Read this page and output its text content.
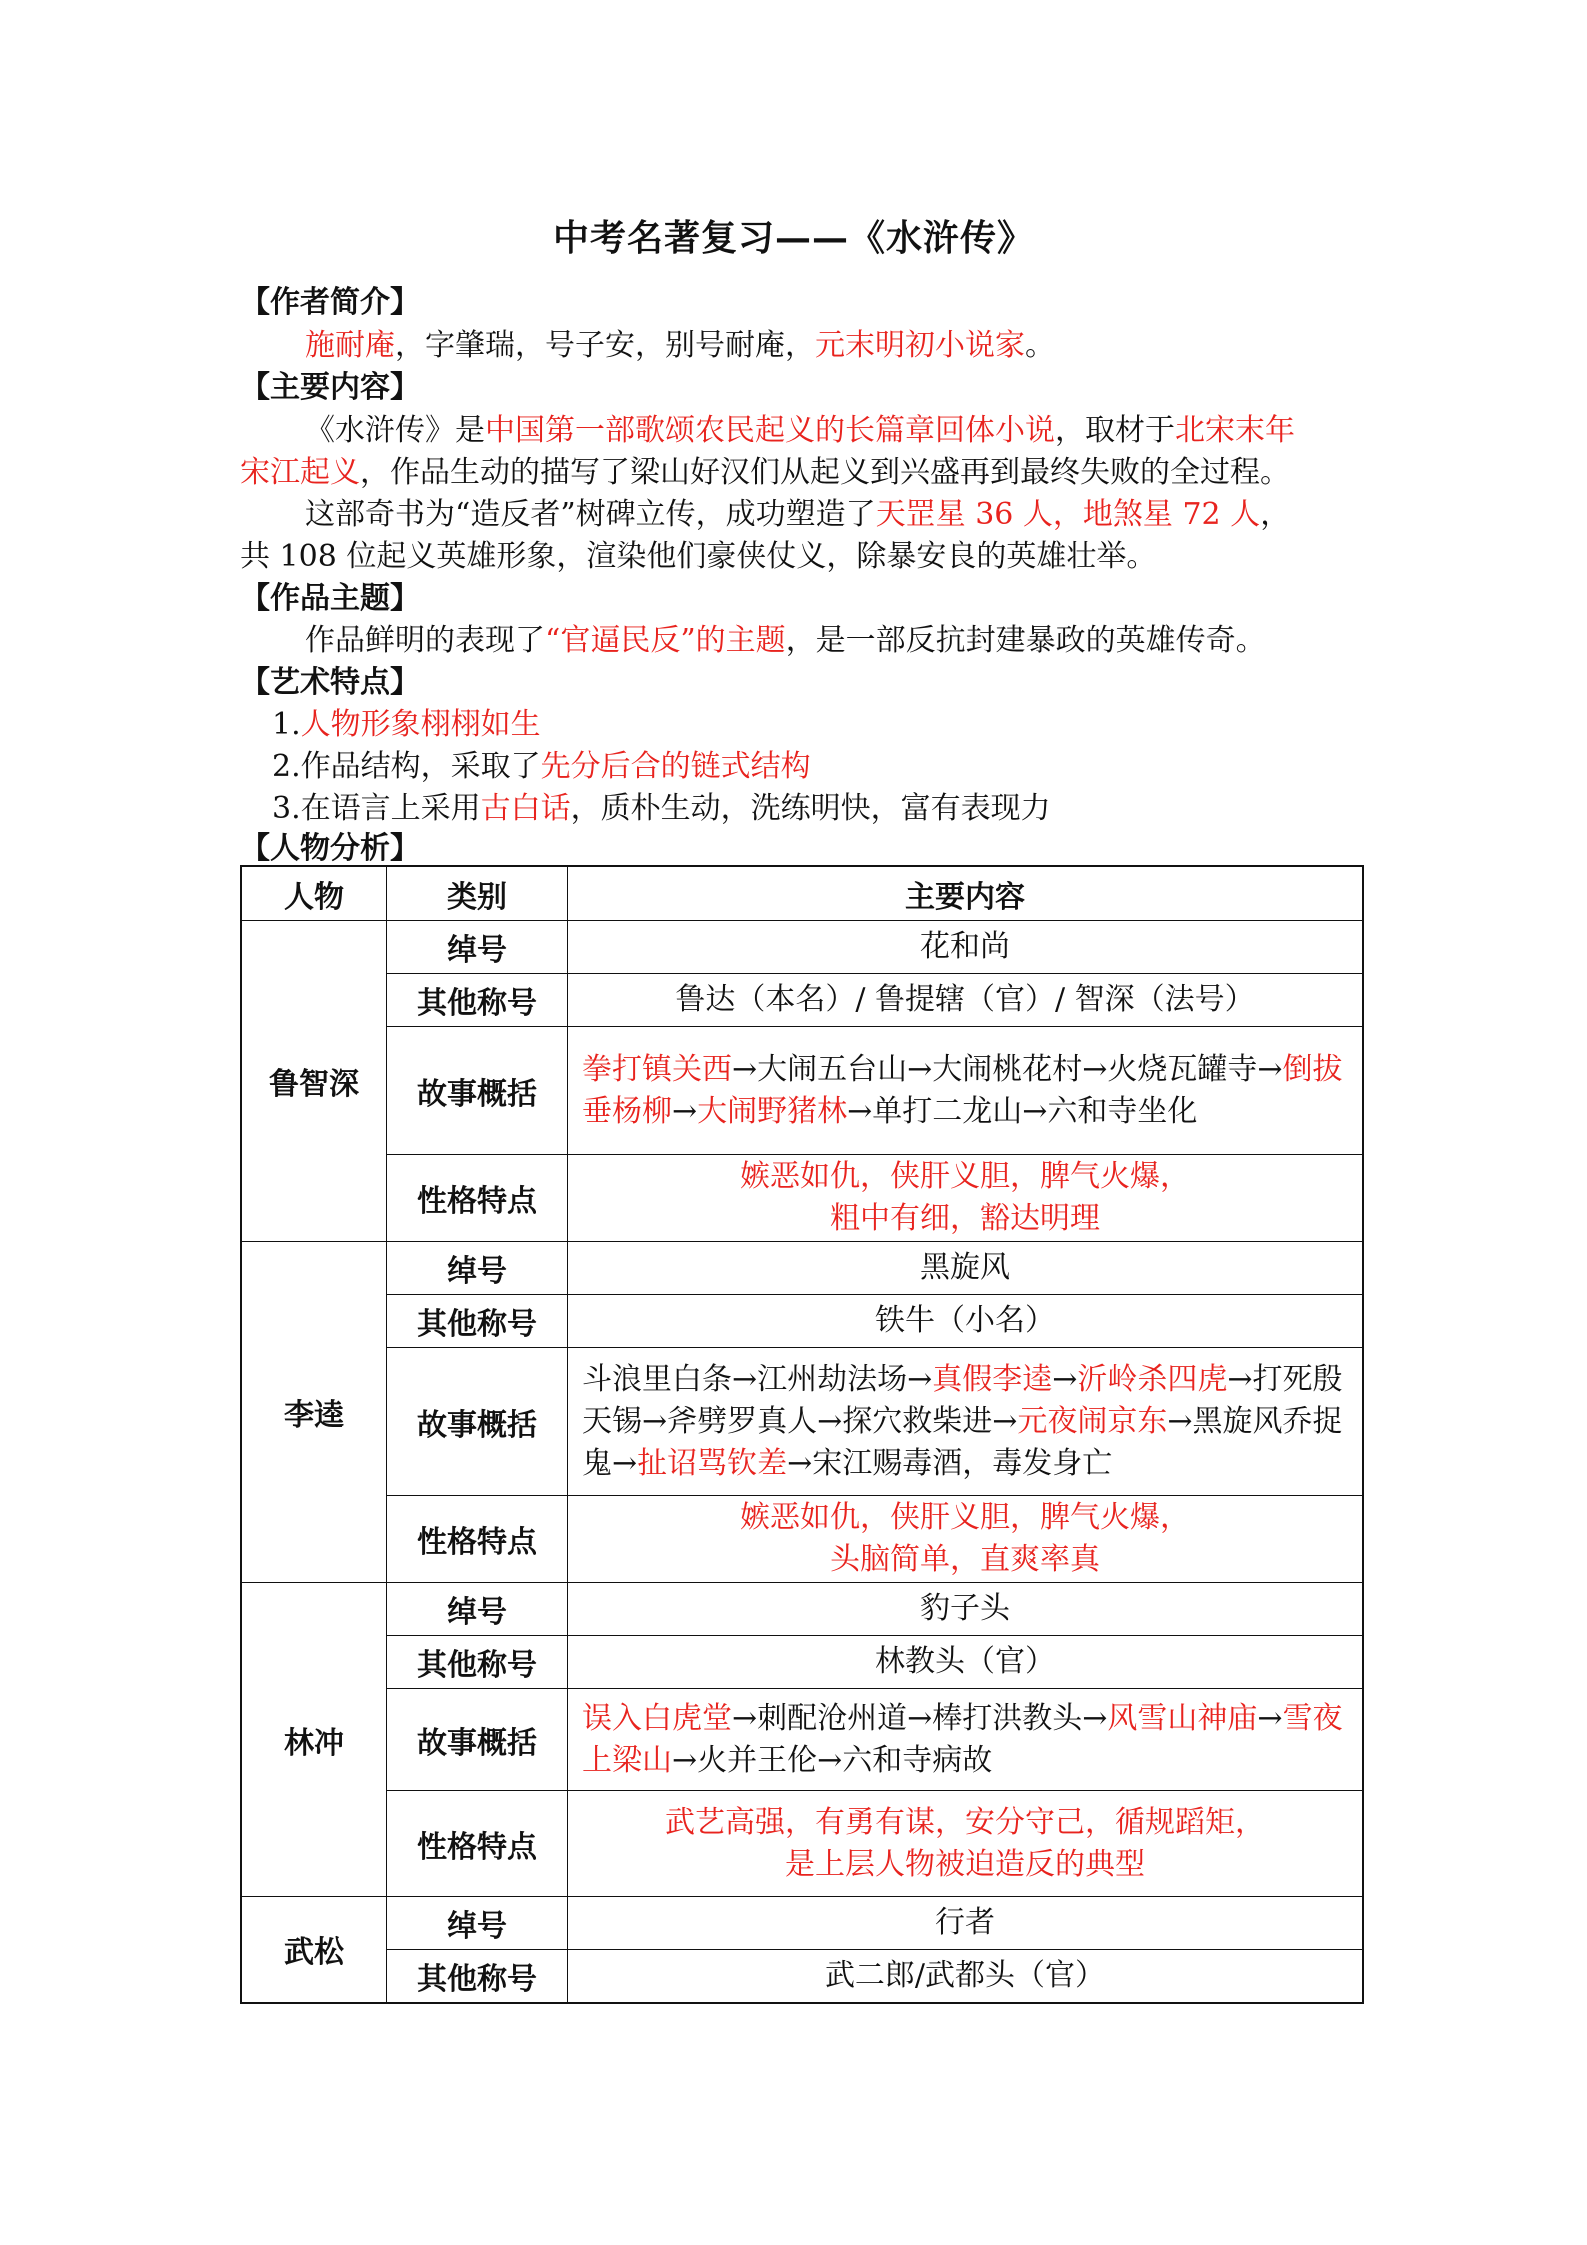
中考名著复习——《水浒传》
【作者简介】
施耐庵，字肇瑞，号子安，别号耐庵，元末明初小说家。
【主要内容】
《水浒传》是中国第一部歌颂农民起义的长篇章回体小说，取材于北宋末年
宋江起义，作品生动的描写了梁山好汉们从起义到兴盛再到最终失败的全过程。
这部奇书为“造反者”树碑立传，成功塑造了天罡星 36 人，地煞星 72 人，
共 108 位起义英雄形象，渲染他们豪侠仗义，除暴安良的英雄壮举。
【作品主题】
作品鲜明的表现了“官逼民反”的主题，是一部反抗封建暴政的英雄传奇。
【艺术特点】
1.人物形象栩栩如生
2.作品结构，采取了先分后合的链式结构
3.在语言上采用古白话，质朴生动，洗练明快，富有表现力
【人物分析】
人物	类别	主要内容
鲁智深	绰号	花和尚
	其他称号	鲁达（本名）/ 鲁提辖（官）/ 智深（法号）
	故事概括	拳打镇关西→大闹五台山→大闹桃花村→火烧瓦罐寺→倒拔垂杨柳→大闹野猪林→单打二龙山→六和寺坐化
	性格特点	嫉恶如仇，侠肝义胆，脾气火爆，
粗中有细，豁达明理

李逵	绰号	黑旋风
	其他称号	铁牛（小名）
	故事概括	斗浪里白条→江州劫法场→真假李逵→沂岭杀四虎→打死殷天锡→斧劈罗真人→探穴救柴进→元夜闹京东→黑旋风乔捉鬼→扯诏骂钦差→宋江赐毒酒，毒发身亡
	性格特点	嫉恶如仇，侠肝义胆，脾气火爆，
头脑简单，直爽率真

林冲	绰号	豹子头
	其他称号	林教头（官）
	故事概括	误入白虎堂→刺配沧州道→棒打洪教头→风雪山神庙→雪夜上梁山→火并王伦→六和寺病故
	性格特点	武艺高强，有勇有谋，安分守己，循规蹈矩，
是上层人物被迫造反的典型

武松	绰号	行者
	其他称号	武二郎/武都头（官）
